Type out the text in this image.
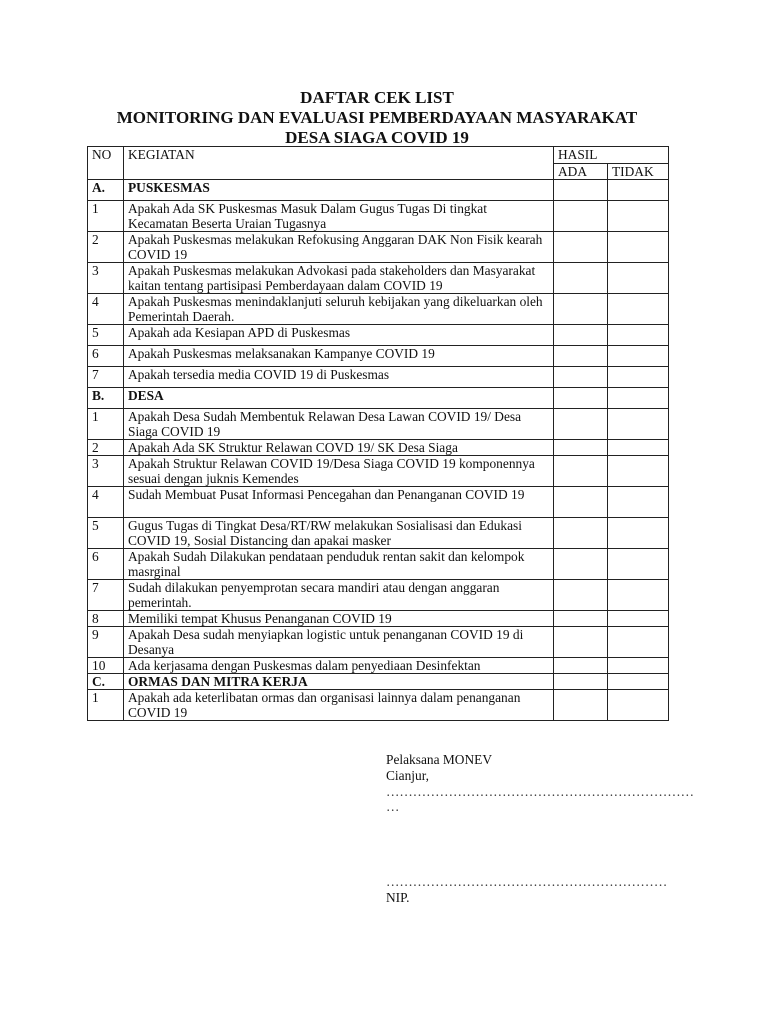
DAFTAR CEK LIST
MONITORING DAN EVALUASI PEMBERDAYAAN MASYARAKAT
DESA SIAGA COVID 19
NO	KEGIATAN	HASIL	
		ADA	TIDAK
A.	PUSKESMAS		
1	Apakah Ada SK Puskesmas Masuk Dalam Gugus Tugas Di tingkat Kecamatan Beserta Uraian Tugasnya		
2	Apakah Puskesmas melakukan Refokusing Anggaran DAK Non Fisik kearah COVID 19		
3	Apakah Puskesmas melakukan Advokasi pada stakeholders dan Masyarakat kaitan tentang partisipasi Pemberdayaan dalam COVID 19		
4	Apakah Puskesmas menindaklanjuti seluruh kebijakan yang dikeluarkan oleh Pemerintah Daerah.		
5	Apakah ada Kesiapan APD di Puskesmas		
6	Apakah Puskesmas melaksanakan Kampanye COVID 19		
7	Apakah tersedia media COVID 19 di Puskesmas		
B.	DESA		
1	Apakah Desa Sudah Membentuk Relawan Desa Lawan COVID 19/ Desa Siaga COVID 19		
2	Apakah Ada SK Struktur Relawan COVD 19/ SK Desa Siaga		
3	Apakah Struktur Relawan COVID 19/Desa Siaga COVID 19 komponennya sesuai dengan juknis Kemendes		
4	Sudah Membuat Pusat Informasi Pencegahan dan Penanganan COVID 19		
5	Gugus Tugas di Tingkat Desa/RT/RW melakukan Sosialisasi dan Edukasi COVID 19, Sosial Distancing dan apakai masker		
6	Apakah Sudah Dilakukan pendataan penduduk rentan sakit dan kelompok masrginal		
7	Sudah dilakukan penyemprotan secara mandiri atau dengan anggaran pemerintah.		
8	Memiliki tempat Khusus Penanganan COVID 19		
9	Apakah Desa sudah menyiapkan logistic untuk penanganan COVID 19 di Desanya		
10	Ada kerjasama dengan Puskesmas dalam penyediaan Desinfektan		
C.	ORMAS DAN MITRA KERJA		
1	Apakah ada keterlibatan ormas dan organisasi lainnya dalam penanganan COVID 19		
Pelaksana MONEV
Cianjur,
……………………………………………………………
…
………………………………………………………
NIP.
